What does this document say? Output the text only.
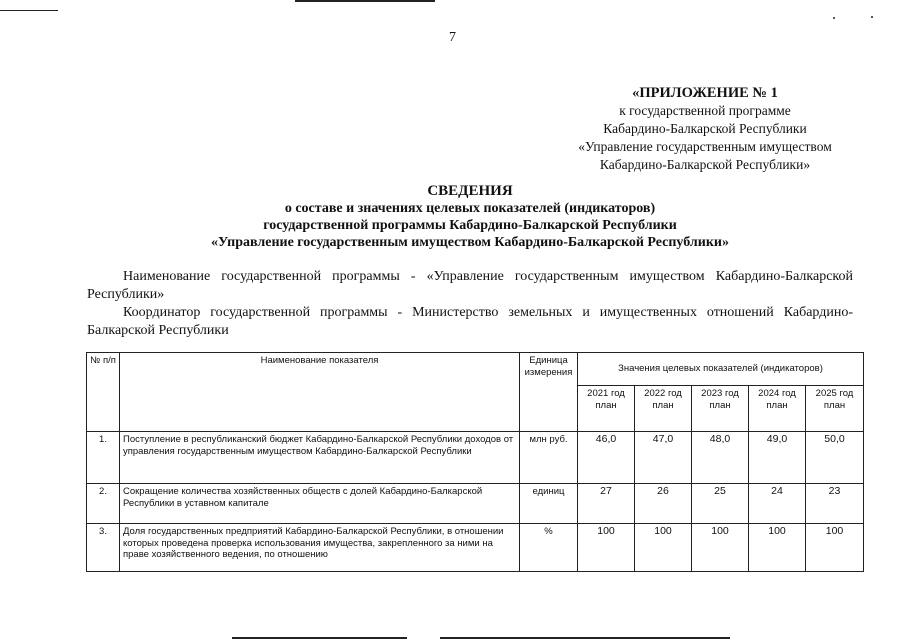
7
«ПРИЛОЖЕНИЕ № 1
к государственной программе
Кабардино-Балкарской Республики
«Управление государственным имуществом
Кабардино-Балкарской Республики»
СВЕДЕНИЯ
о составе и значениях целевых показателей (индикаторов)
государственной программы Кабардино-Балкарской Республики
«Управление государственным имуществом Кабардино-Балкарской Республики»

Наименование государственной программы - «Управление государственным имуществом Кабардино-Балкарской Республики»

Координатор государственной программы - Министерство земельных и имущественных отношений Кабардино-Балкарской Республики

№ п/п	Наименование показателя	Единица измерения	Значения целевых показателей (индикаторов)				
			2021 год план	2022 год план	2023 год план	2024 год план	2025 год план
1.	Поступление в республиканский бюджет Кабардино-Балкарской Республики доходов от управления государственным имуществом Кабардино-Балкарской Республики	млн руб.	46,0	47,0	48,0	49,0	50,0
2.	Сокращение количества хозяйственных обществ с долей Кабардино-Балкарской Республики в уставном капитале	единиц	27	26	25	24	23
3.	Доля государственных предприятий Кабардино-Балкарской Республики, в отношении которых проведена проверка использования имущества, закрепленного за ними на праве хозяйственного ведения, по отношению	%	100	100	100	100	100
